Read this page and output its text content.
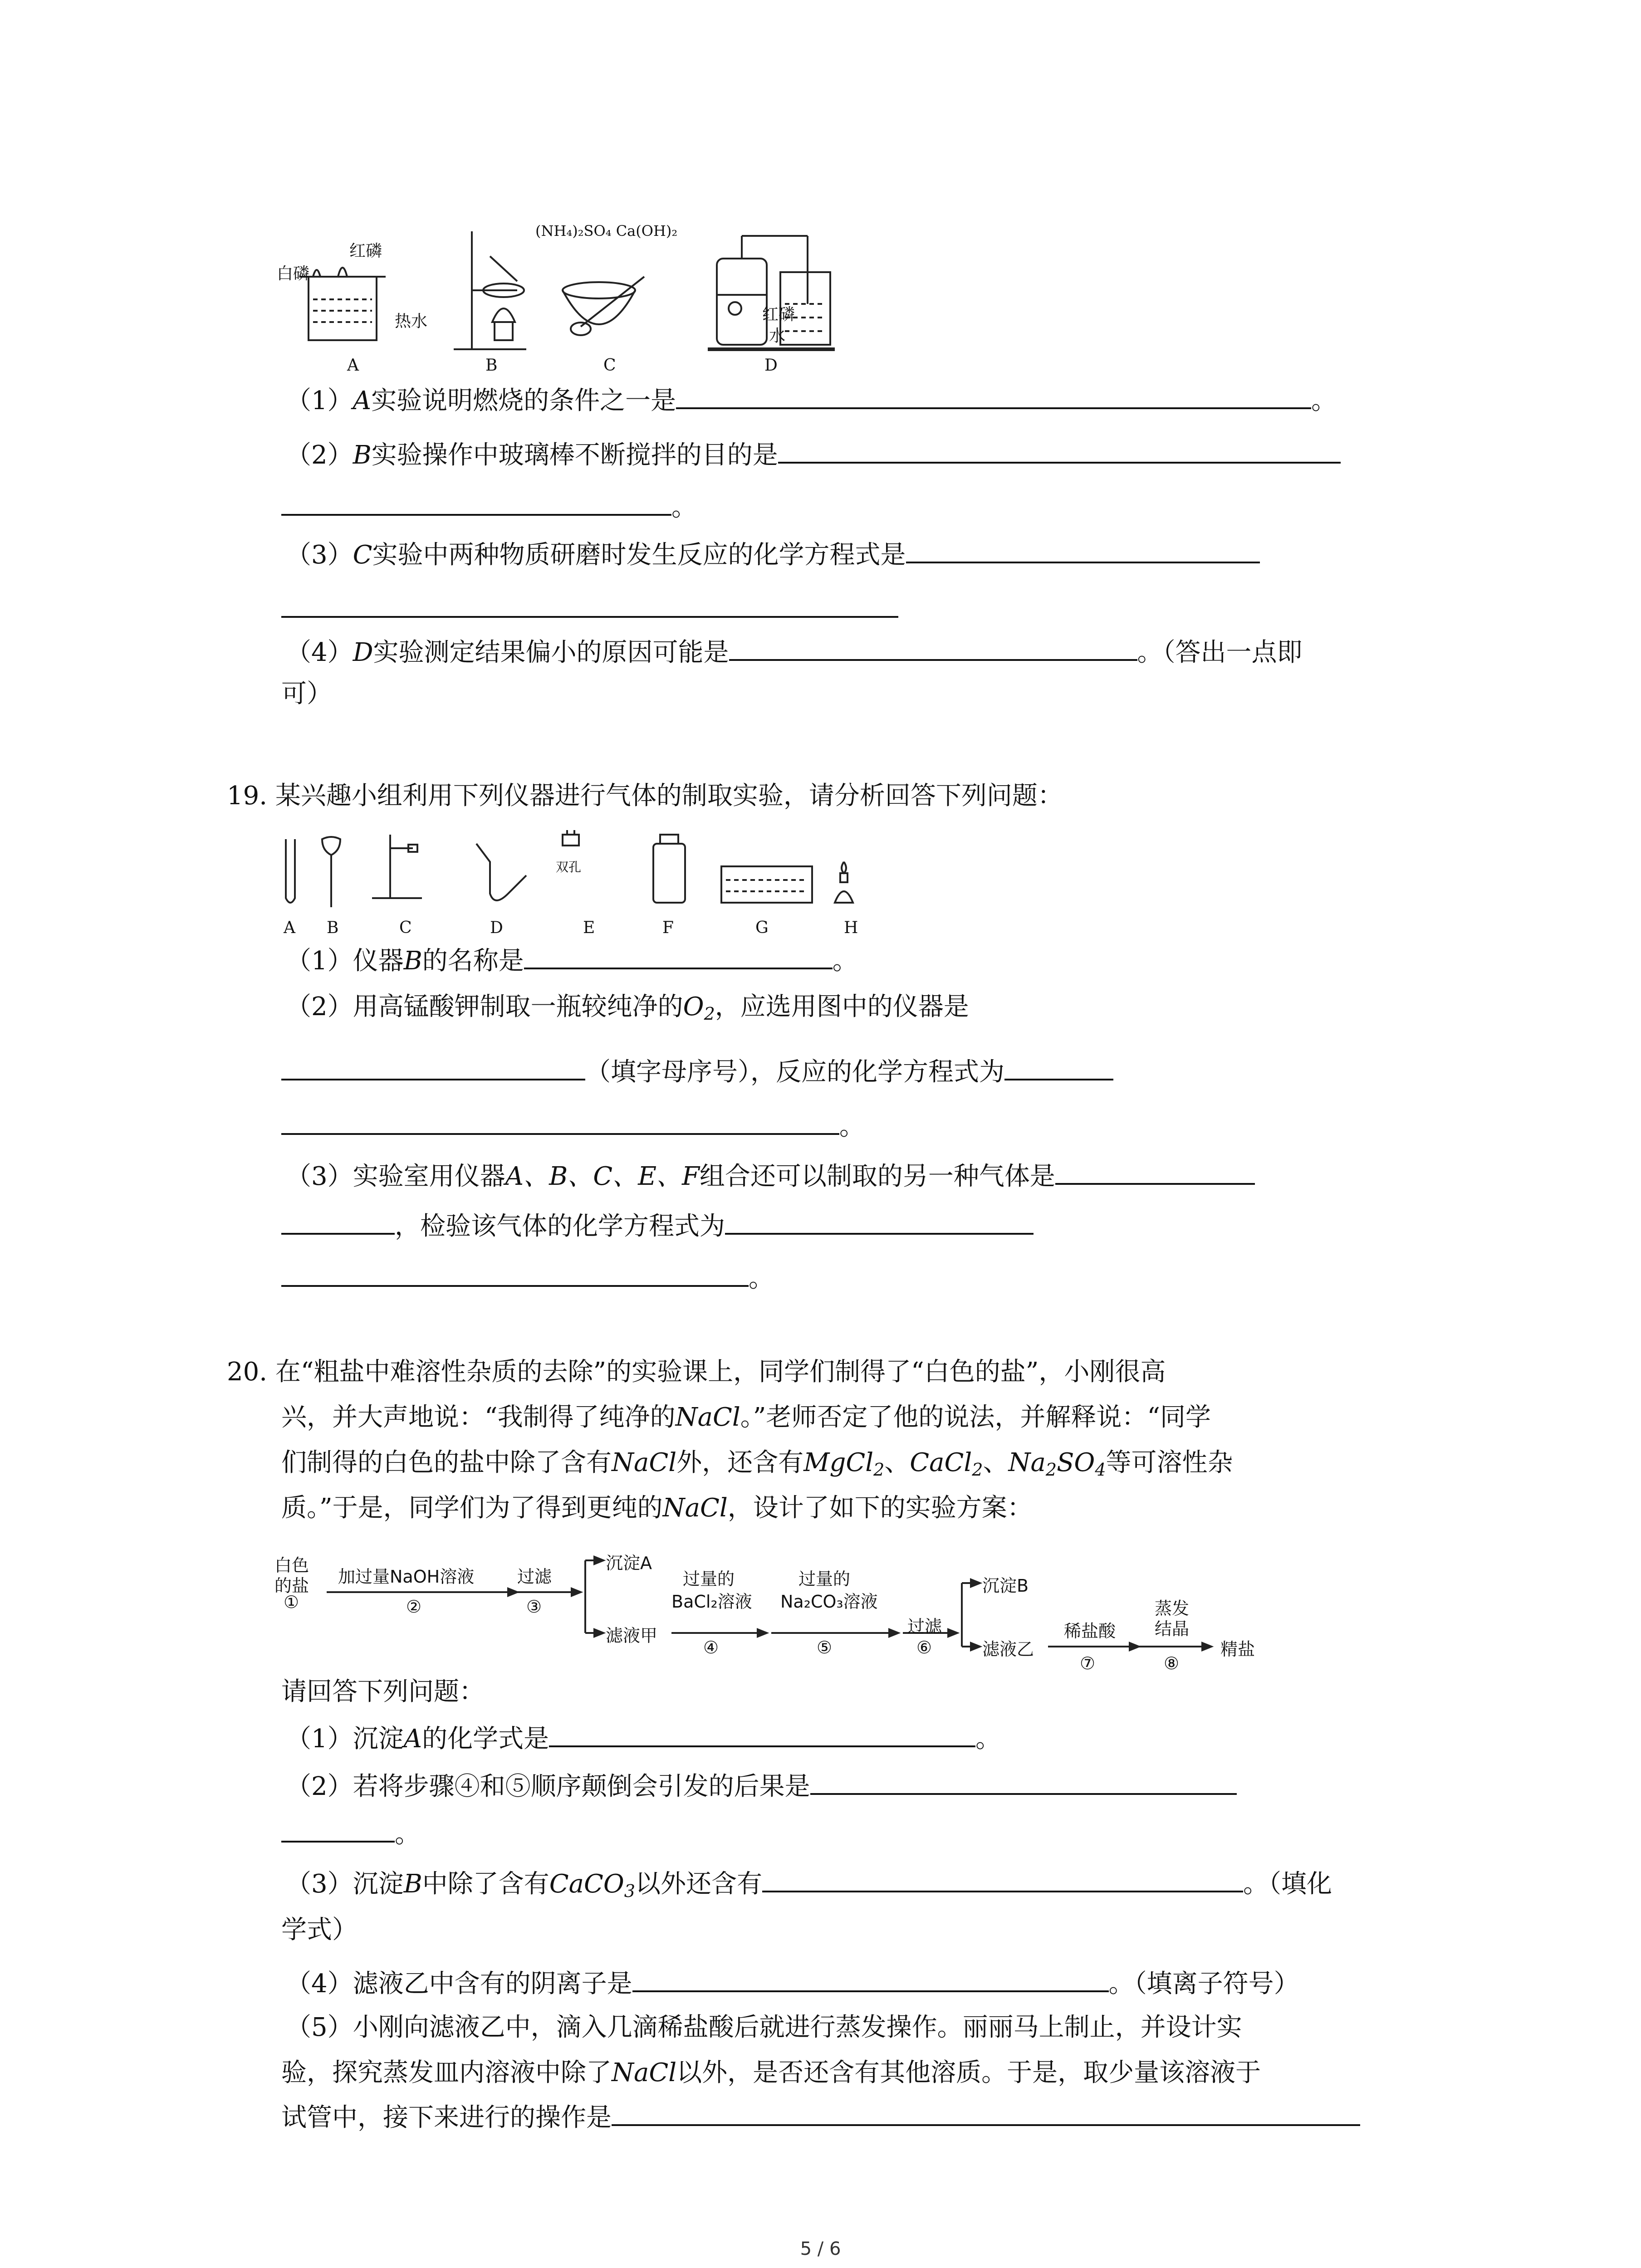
白磷
红磷
热水
(NH₄)₂SO₄ Ca(OH)₂
红磷
水
A	B	C	D
（1）A实验说明燃烧的条件之一是	。
（2）B实验操作中玻璃棒不断搅拌的目的是
。
（3）C实验中两种物质研磨时发生反应的化学方程式是
（4）D实验测定结果偏小的原因可能是	。（答出一点即
可）
19. 某兴趣小组利用下列仪器进行气体的制取实验，请分析回答下列问题：
双孔
A B	C	D	E	F	G	H
（1）仪器B的名称是	。
（2）用高锰酸钾制取一瓶较纯净的$O_2$，应选用图中的仪器是
（填字母序号），反应的化学方程式为
。
（3）实验室用仪器A、B、C、E、F组合还可以制取的另一种气体是
，检验该气体的化学方程式为
。
20. 在“粗盐中难溶性杂质的去除”的实验课上，同学们制得了“白色的盐”，小刚很高
兴，并大声地说：“我制得了纯净的NaCl。”老师否定了他的说法，并解释说：“同学
们制得的白色的盐中除了含有NaCl外，还含有MgCl$_2$、CaCl$_2$、$Na_2SO_4$等可溶性杂
质。”于是，同学们为了得到更纯的NaCl，设计了如下的实验方案：
白色
的盐
①
加过量NaOH溶液
②
过滤
③
沉淀A
滤液甲
过量的
BaCl₂溶液
④
过量的
Na₂CO₃溶液
⑤
过滤
⑥
沉淀B
滤液乙
稀盐酸
⑦
蒸发
结晶
⑧
精盐
请回答下列问题：
（1）沉淀A的化学式是	。
（2）若将步骤④和⑤顺序颠倒会引发的后果是
。
（3）沉淀B中除了含有CaCO$_3$以外还含有	。（填化
学式）
（4）滤液乙中含有的阴离子是	。（填离子符号）
（5）小刚向滤液乙中，滴入几滴稀盐酸后就进行蒸发操作。丽丽马上制止，并设计实
验，探究蒸发皿内溶液中除了NaCl以外，是否还含有其他溶质。于是，取少量该溶液于
试管中，接下来进行的操作是
5 / 6
